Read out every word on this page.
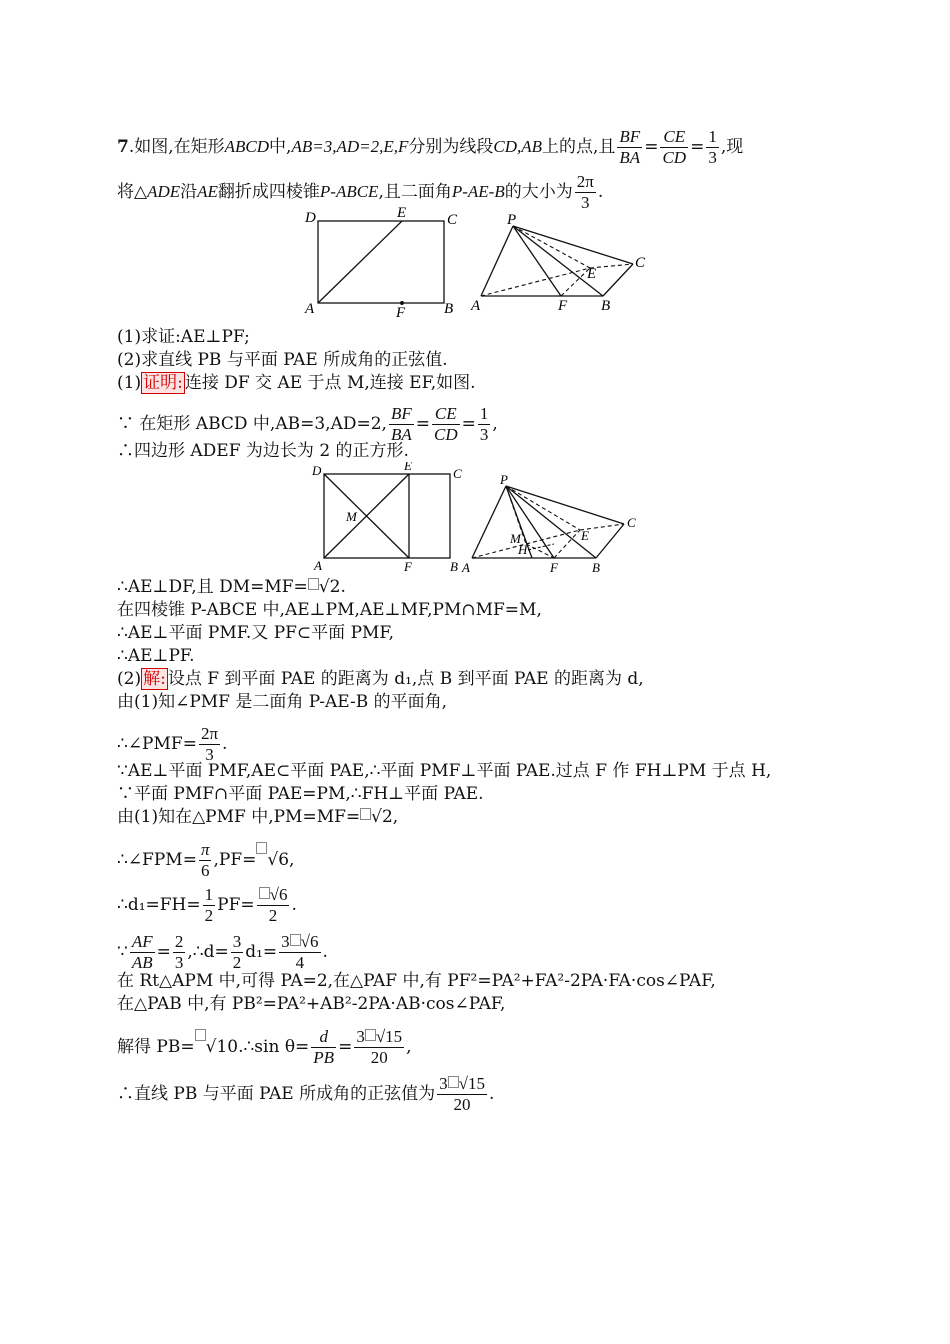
7.如图,在矩形ABCD中,AB=3,AD=2,E,F分别为线段CD,AB上的点,且 $\frac{BF}{BA} = \frac{CE}{CD} = \frac{1}{3}$ ,现
将△ADE沿AE翻折成四棱锥P-ABCE,且二面角P-AE-B的大小为 $\frac{2\pi}{3}$ .
D	E	C
A	F	B
P
E
C
A	F B
(1)求证:AE⊥PF;
(2)求直线 PB 与平面 PAE 所成角的正弦值.
(1) 证明: 连接 DF 交 AE 于点 M,连接 EF,如图.
∵ 在矩形 ABCD 中,AB=3,AD=2, $\frac{BF}{BA} = \frac{CE}{CD} = \frac{1}{3}$ ,
∴四边形 ADEF 为边长为 2 的正方形.
D	E
C
M
A	F	B
P
C
E
M
H
A	F	B
∴AE⊥DF,且 DM=MF= √2.
在四棱锥 P-ABCE 中,AE⊥PM,AE⊥MF,PM∩MF=M,
∴AE⊥平面 PMF.又 PF⊂平面 PMF,
∴AE⊥PF.
(2) 解: 设点 F 到平面 PAE 的距离为 d₁,点 B 到平面 PAE 的距离为 d,
由(1)知∠PMF 是二面角 P-AE-B 的平面角,
∴∠PMF= $\frac{2\pi}{3}$ .
∵AE⊥平面 PMF,AE⊂平面 PAE,∴平面 PMF⊥平面 PAE.过点 F 作 FH⊥PM 于点 H,
∵平面 PMF∩平面 PAE=PM,∴FH⊥平面 PAE.
由(1)知在△PMF 中,PM=MF= √2,
∴∠FPM= $\frac{\pi}{6} ,PF= √6$,
∴d₁=FH= $\frac{1}{2} PF= \frac{√6}{2}$ .
∵ $\frac{AF}{AB} = \frac{2}{3}$ ,∴d= $\frac{3}{2} d_1= \frac{3 √6}{4}$ .
在 Rt△APM 中,可得 PA=2,在△PAF 中,有 PF²=PA²+FA²-2PA·FA·cos∠PAF,
在△PAB 中,有 PB²=PA²+AB²-2PA·AB·cos∠PAF,
解得 PB= √10.∴sin $\theta= \frac{d}{PB} = \frac{3 √15}{20}$ ,
∴直线 PB 与平面 PAE 所成角的正弦值为 $\frac{3 √15}{20}$ .
